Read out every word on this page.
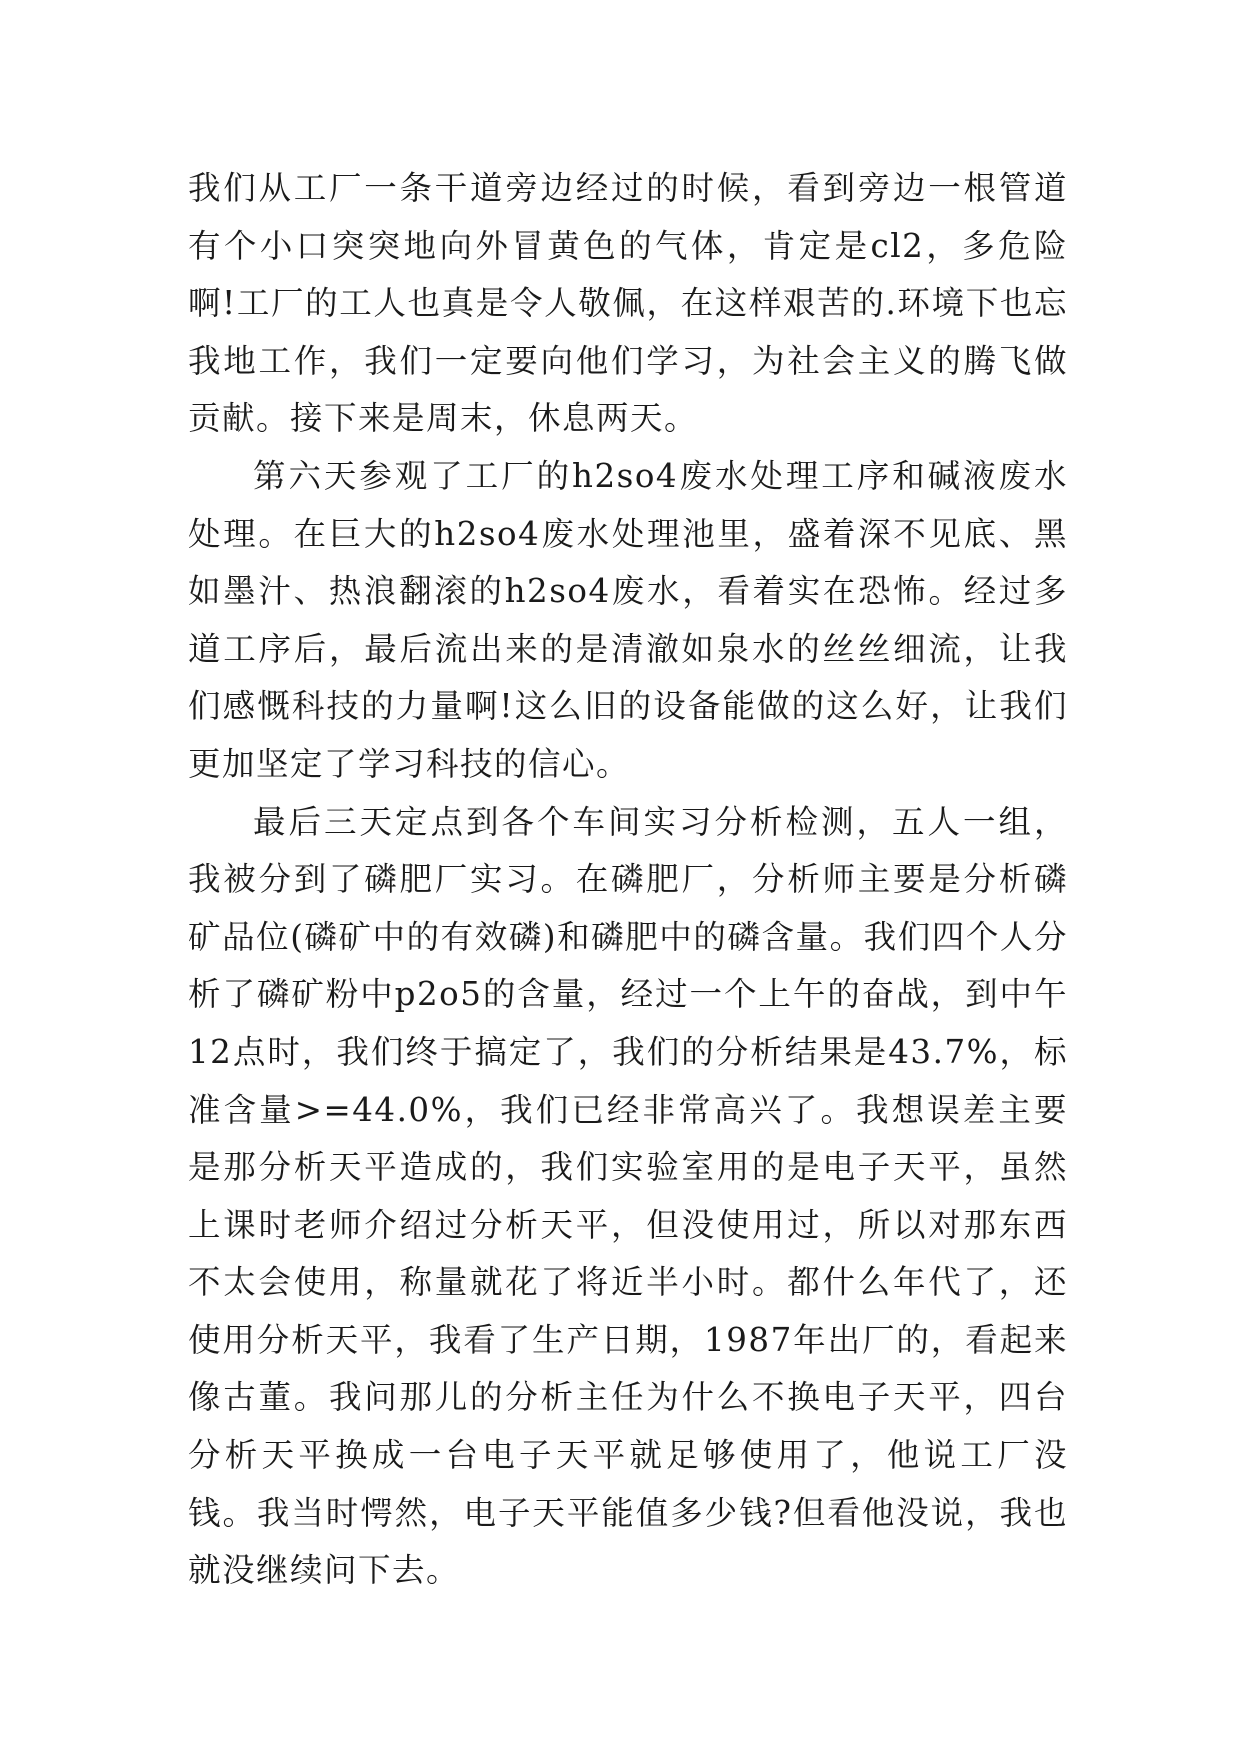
我们从工厂一条干道旁边经过的时候，看到旁边一根管道有个小口突突地向外冒黄色的气体，肯定是cl2，多危险啊!工厂的工人也真是令人敬佩，在这样艰苦的.环境下也忘我地工作，我们一定要向他们学习，为社会主义的腾飞做贡献。接下来是周末，休息两天。

第六天参观了工厂的h2so4废水处理工序和碱液废水处理。在巨大的h2so4废水处理池里，盛着深不见底、黑如墨汁、热浪翻滚的h2so4废水，看着实在恐怖。经过多道工序后，最后流出来的是清澈如泉水的丝丝细流，让我们感慨科技的力量啊!这么旧的设备能做的这么好，让我们更加坚定了学习科技的信心。

最后三天定点到各个车间实习分析检测，五人一组，我被分到了磷肥厂实习。在磷肥厂，分析师主要是分析磷矿品位(磷矿中的有效磷)和磷肥中的磷含量。我们四个人分析了磷矿粉中p2o5的含量，经过一个上午的奋战，到中午12点时，我们终于搞定了，我们的分析结果是43.7%，标准含量>=44.0%，我们已经非常高兴了。我想误差主要是那分析天平造成的，我们实验室用的是电子天平，虽然上课时老师介绍过分析天平，但没使用过，所以对那东西不太会使用，称量就花了将近半小时。都什么年代了，还使用分析天平，我看了生产日期，1987年出厂的，看起来像古董。我问那儿的分析主任为什么不换电子天平，四台分析天平换成一台电子天平就足够使用了，他说工厂没钱。我当时愕然，电子天平能值多少钱?但看他没说，我也就没继续问下去。
